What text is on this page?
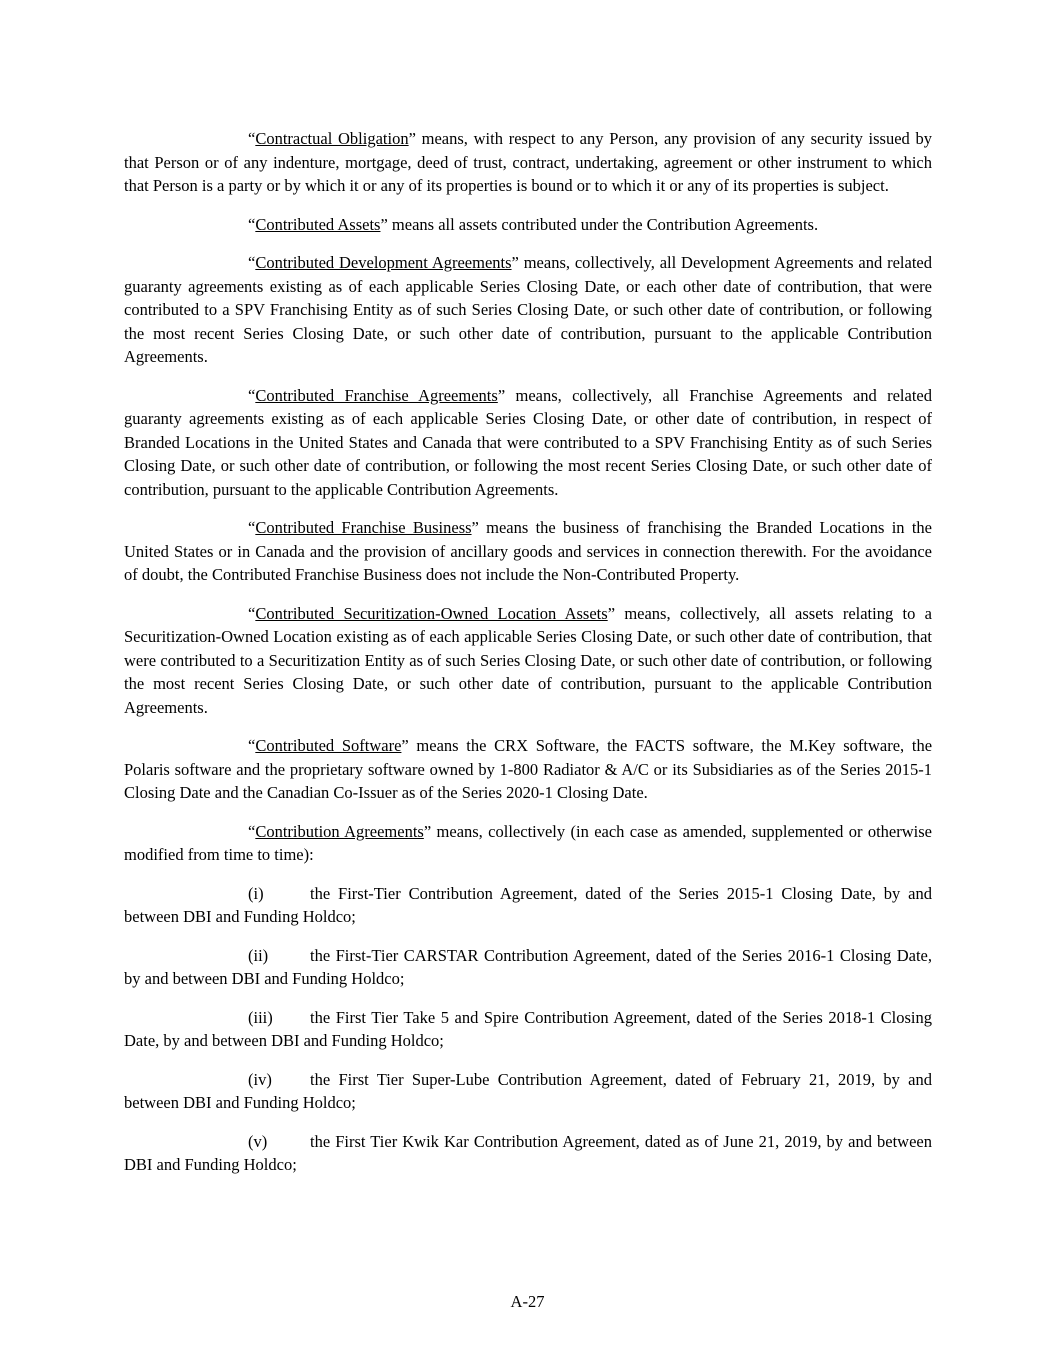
“Contractual Obligation” means, with respect to any Person, any provision of any security issued by that Person or of any indenture, mortgage, deed of trust, contract, undertaking, agreement or other instrument to which that Person is a party or by which it or any of its properties is bound or to which it or any of its properties is subject.

“Contributed Assets” means all assets contributed under the Contribution Agreements.

“Contributed Development Agreements” means, collectively, all Development Agreements and related guaranty agreements existing as of each applicable Series Closing Date, or each other date of contribution, that were contributed to a SPV Franchising Entity as of such Series Closing Date, or such other date of contribution, or following the most recent Series Closing Date, or such other date of contribution, pursuant to the applicable Contribution Agreements.

“Contributed Franchise Agreements” means, collectively, all Franchise Agreements and related guaranty agreements existing as of each applicable Series Closing Date, or other date of contribution, in respect of Branded Locations in the United States and Canada that were contributed to a SPV Franchising Entity as of such Series Closing Date, or such other date of contribution, or following the most recent Series Closing Date, or such other date of contribution, pursuant to the applicable Contribution Agreements.

“Contributed Franchise Business” means the business of franchising the Branded Locations in the United States or in Canada and the provision of ancillary goods and services in connection therewith. For the avoidance of doubt, the Contributed Franchise Business does not include the Non-Contributed Property.

“Contributed Securitization-Owned Location Assets” means, collectively, all assets relating to a Securitization-Owned Location existing as of each applicable Series Closing Date, or such other date of contribution, that were contributed to a Securitization Entity as of such Series Closing Date, or such other date of contribution, or following the most recent Series Closing Date, or such other date of contribution, pursuant to the applicable Contribution Agreements.

“Contributed Software” means the CRX Software, the FACTS software, the M.Key software, the Polaris software and the proprietary software owned by 1-800 Radiator & A/C or its Subsidiaries as of the Series 2015-1 Closing Date and the Canadian Co-Issuer as of the Series 2020-1 Closing Date.

“Contribution Agreements” means, collectively (in each case as amended, supplemented or otherwise modified from time to time):

(i)	the First-Tier Contribution Agreement, dated of the Series 2015-1 Closing Date, by and between DBI and Funding Holdco;

(ii)	the First-Tier CARSTAR Contribution Agreement, dated of the Series 2016-1 Closing Date, by and between DBI and Funding Holdco;

(iii) the First Tier Take 5 and Spire Contribution Agreement, dated of the Series 2018-1 Closing Date, by and between DBI and Funding Holdco;

(iv) the First Tier Super-Lube Contribution Agreement, dated of February 21, 2019, by and between DBI and Funding Holdco;

(v)	the First Tier Kwik Kar Contribution Agreement, dated as of June 21, 2019, by and between DBI and Funding Holdco;

A-27
